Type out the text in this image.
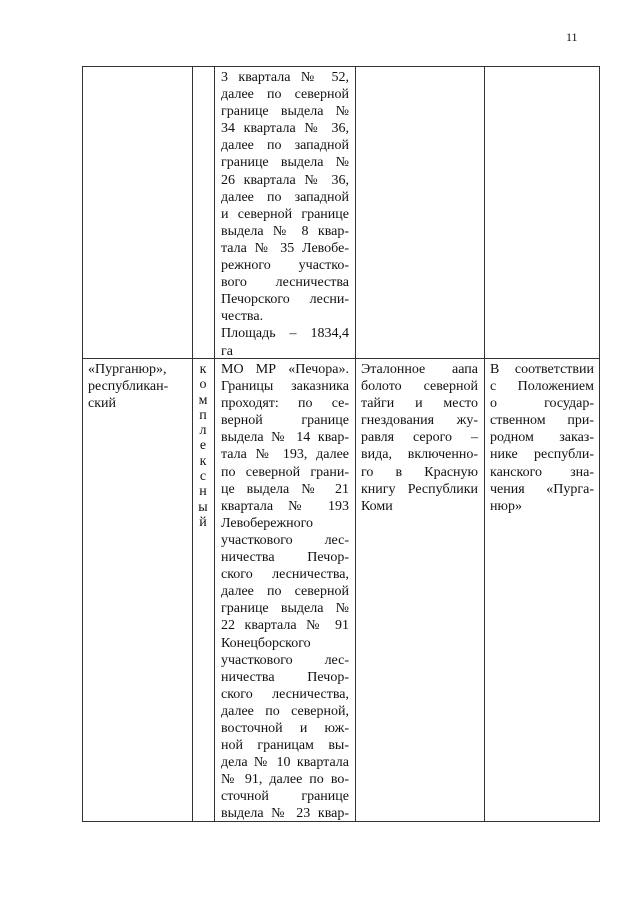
11
3 квартала № 52,
далее по северной
границе выдела №
34 квартала № 36,
далее по западной
границе выдела №
26 квартала № 36,
далее по западной
и северной границе
выдела № 8 квар-
тала № 35 Левобе-
режного участко-
вого лесничества
Печорского лесни-
чества.
Площадь – 1834,4
га
«Пурганюр»,
республикан-
ский
к
о
м
п
л
е
к
с
н
ы
й
МО МР «Печора».
Границы заказника
проходят: по се-
верной границе
выдела № 14 квар-
тала № 193, далее
по северной грани-
це выдела № 21
квартала № 193
Левобережного
участкового лес-
ничества Печор-
ского лесничества,
далее по северной
границе выдела №
22 квартала № 91
Конецборского
участкового лес-
ничества Печор-
ского лесничества,
далее по северной,
восточной и юж-
ной границам вы-
дела № 10 квартала
№ 91, далее по во-
сточной границе
выдела № 23 квар-
Эталонное аапа
болото северной
тайги и место
гнездования жу-
равля серого –
вида, включенно-
го в Красную
книгу Республики
Коми
В соответствии
с Положением
о государ-
ственном при-
родном заказ-
нике республи-
канского зна-
чения «Пурга-
нюр»
